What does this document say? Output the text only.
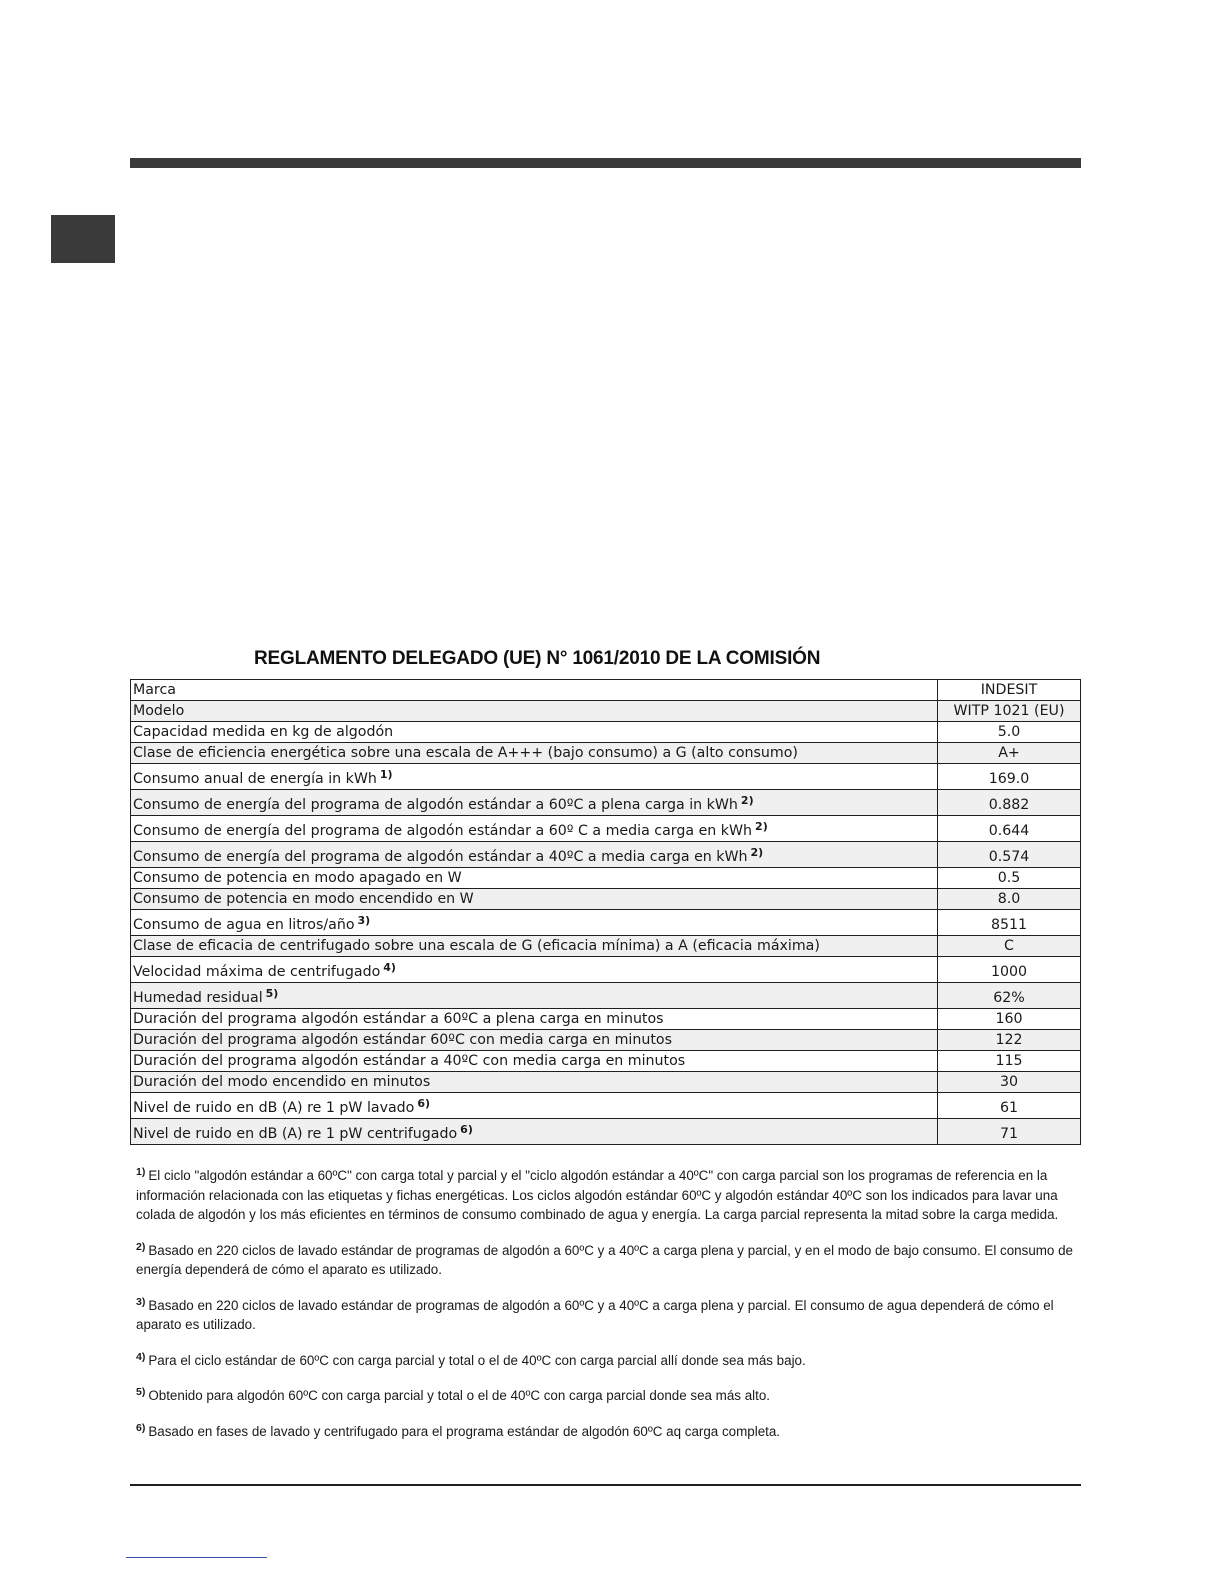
REGLAMENTO DELEGADO (UE) N° 1061/2010 DE LA COMISIÓN
Marca	INDESIT
Modelo	WITP 1021 (EU)
Capacidad medida en kg de algodón	5.0
Clase de eficiencia energética sobre una escala de A+++ (bajo consumo) a G (alto consumo)	A+
Consumo anual de energía in kWh $^{1)}$	169.0
Consumo de energía del programa de algodón estándar a 60ºC a plena carga in kWh $^{2)}$	0.882
Consumo de energía del programa de algodón estándar a 60º C a media carga en kWh $^{2)}$	0.644
Consumo de energía del programa de algodón estándar a 40ºC a media carga en kWh $^{2)}$	0.574
Consumo de potencia en modo apagado en W	0.5
Consumo de potencia en modo encendido en W	8.0
Consumo de agua en litros/año $^{3)}$	8511
Clase de eficacia de centrifugado sobre una escala de G (eficacia mínima) a A (eficacia máxima)	C
Velocidad máxima de centrifugado $^{4)}$	1000
Humedad residual $^{5)}$	62%
Duración del programa algodón estándar a 60ºC a plena carga en minutos	160
Duración del programa algodón estándar 60ºC con media carga en minutos	122
Duración del programa algodón estándar a 40ºC con media carga en minutos	115
Duración del modo encendido en minutos	30
Nivel de ruido en dB (A) re 1 pW lavado $^{6)}$	61
Nivel de ruido en dB (A) re 1 pW centrifugado $^{6)}$	71

$^{1)}$ El ciclo "algodón estándar a 60ºC" con carga total y parcial y el "ciclo algodón estándar a 40ºC" con carga parcial son los programas de referencia en la información relacionada con las etiquetas y fichas energéticas. Los ciclos algodón estándar 60ºC y algodón estándar 40ºC son los indicados para lavar una colada de algodón y los más eficientes en términos de consumo combinado de agua y energía. La carga parcial representa la mitad sobre la carga medida.

$^{2)}$ Basado en 220 ciclos de lavado estándar de programas de algodón a 60ºC y a 40ºC a carga plena y parcial, y en el modo de bajo consumo. El consumo de energía dependerá de cómo el aparato es utilizado.

$^{3)}$ Basado en 220 ciclos de lavado estándar de programas de algodón a 60ºC y a 40ºC a carga plena y parcial. El consumo de agua dependerá de cómo el aparato es utilizado.

$^{4)}$ Para el ciclo estándar de 60ºC con carga parcial y total o el de 40ºC con carga parcial allí donde sea más bajo.

$^{5)}$ Obtenido para algodón 60ºC con carga parcial y total o el de 40ºC con carga parcial donde sea más alto.

$^{6)}$ Basado en fases de lavado y centrifugado para el programa estándar de algodón 60ºC aq carga completa.
